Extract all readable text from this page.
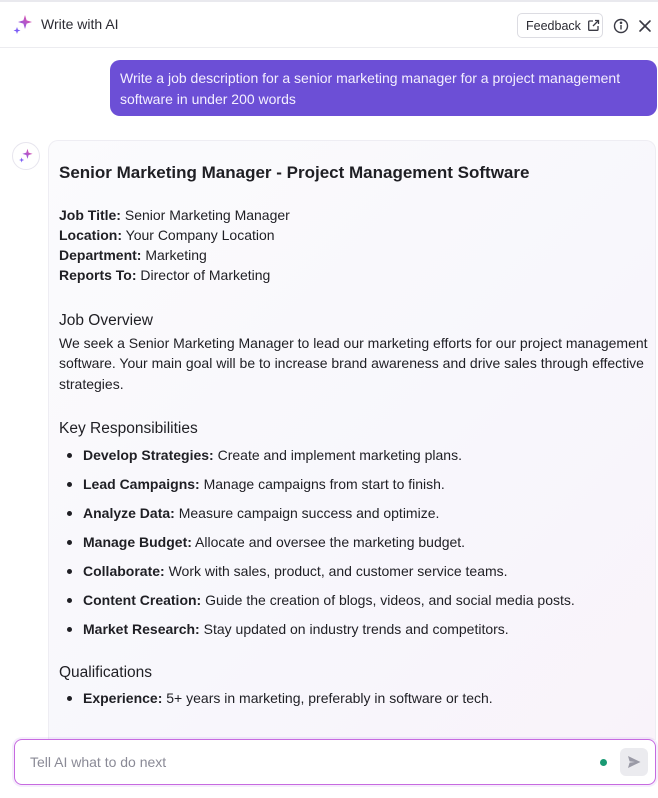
Write with AI	Feedback
Write a job description for a senior marketing manager for a project management software in under 200 words
Senior Marketing Manager - Project Management Software
Job Title: Senior Marketing Manager
Location: Your Company Location
Department: Marketing
Reports To: Director of Marketing
Job Overview
We seek a Senior Marketing Manager to lead our marketing efforts for our project management software. Your main goal will be to increase brand awareness and drive sales through effective strategies.
Key Responsibilities
Develop Strategies: Create and implement marketing plans.
Lead Campaigns: Manage campaigns from start to finish.
Analyze Data: Measure campaign success and optimize.
Manage Budget: Allocate and oversee the marketing budget.
Collaborate: Work with sales, product, and customer service teams.
Content Creation: Guide the creation of blogs, videos, and social media posts.
Market Research: Stay updated on industry trends and competitors.
Qualifications
Experience: 5+ years in marketing, preferably in software or tech.
Tell AI what to do next
